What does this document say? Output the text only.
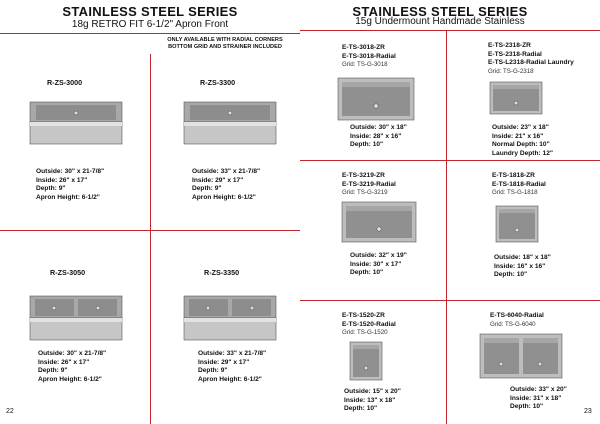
STAINLESS STEEL SERIES
18g RETRO FIT 6-1/2" Apron Front
ONLY AVAILABLE WITH RADIAL CORNERS
BOTTOM GRID AND STRAINER INCLUDED
R-ZS-3000
Outside: 30" x 21-7/8"
Inside: 26" x 17"
Depth: 9"
Apron Height: 6-1/2"
R-ZS-3300
Outside: 33" x 21-7/8"
Inside: 29" x 17"
Depth: 9"
Apron Height: 6-1/2"
R-ZS-3050
Outside: 30" x 21-7/8"
Inside: 26" x 17"
Depth: 9"
Apron Height: 6-1/2"
R-ZS-3350
Outside: 33" x 21-7/8"
Inside: 29" x 17"
Depth: 9"
Apron Height: 6-1/2"
22
STAINLESS STEEL SERIES
15g Undermount Handmade Stainless
E-TS-3018-ZR
E-TS-3018-Radial
Grid: TS-G-3018
Outside: 30" x 18"
Inside: 28" x 16"
Depth: 10"
E-TS-2318-ZR
E-TS-2318-Radial
E-TS-L2318-Radial Laundry
Grid: TS-G-2318
Outside: 23" x 18"
Inside: 21" x 16"
Normal Depth: 10"
Laundry Depth: 12"
E-TS-3219-ZR
E-TS-3219-Radial
Grid: TS-G-3219
Outside: 32" x 19"
Inside: 30" x 17"
Depth: 10"
E-TS-1818-ZR
E-TS-1818-Radial
Grid: TS-G-1818
Outside: 18" x 18"
Inside: 16" x 16"
Depth: 10"
E-TS-1520-ZR
E-TS-1520-Radial
Grid: TS-G-1520
Outside: 15" x 20"
Inside: 13" x 18"
Depth: 10"
E-TS-6040-Radial
Grid: TS-G-6040
Outside: 33" x 20"
Inside: 31" x 18"
Depth: 10"
23
